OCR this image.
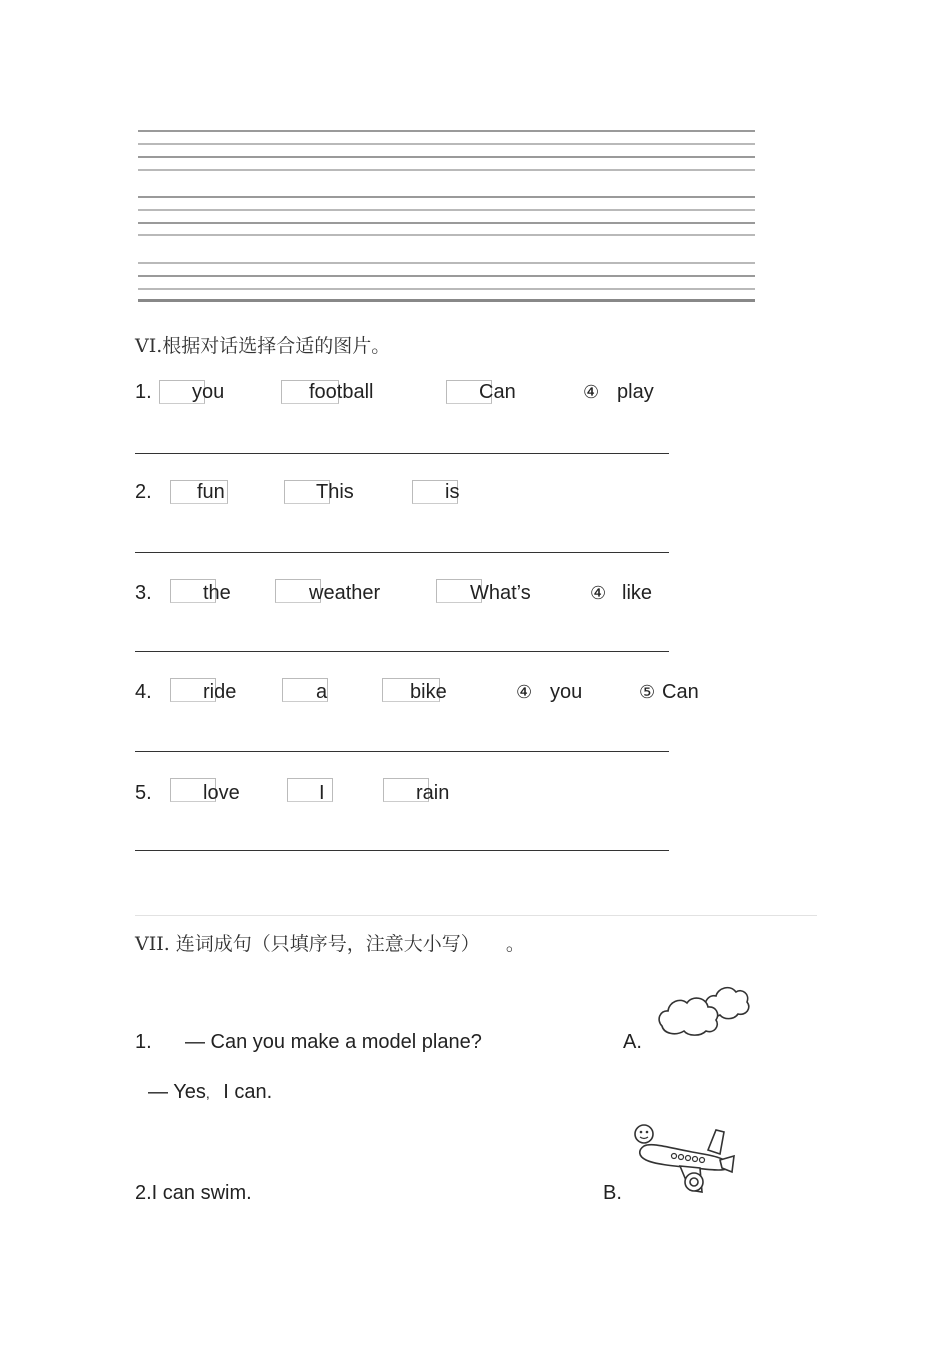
VI.根据对话选择合适的图片。
1. you	football	Can	④ play
2. fun	This	is
3.	the	weather	What’s	④ like
4.	ride	a	bike	④ you	⑤ Can
5.	love	I	rain
VII. 连词成句（只填序号，注意大小写） 。
1. — Can you make a model plane?	A.
— Yes, I can.
2.I can swim.	B.
